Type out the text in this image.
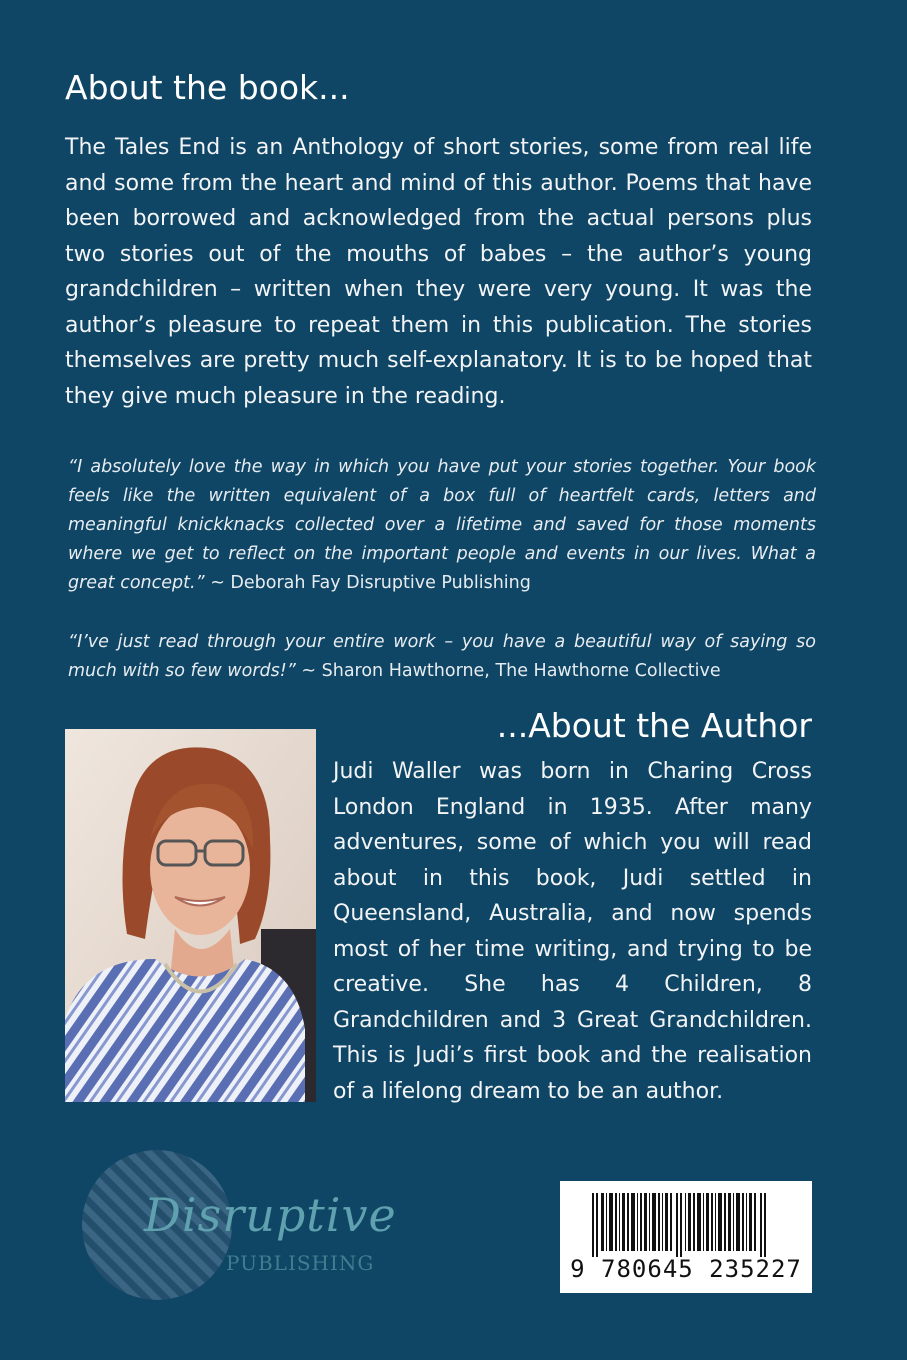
About the book...
The Tales End is an Anthology of short stories, some from real life and some from the heart and mind of this author. Poems that have been borrowed and acknowledged from the actual persons plus two stories out of the mouths of babes – the author’s young grandchildren – written when they were very young. It was the author’s pleasure to repeat them in this publication. The stories themselves are pretty much self-explanatory. It is to be hoped that they give much pleasure in the reading.
“I absolutely love the way in which you have put your stories together. Your book feels like the written equivalent of a box full of heartfelt cards, letters and meaningful knickknacks collected over a lifetime and saved for those moments where we get to reflect on the important people and events in our lives. What a great concept.” ~ Deborah Fay Disruptive Publishing
“I’ve just read through your entire work – you have a beautiful way of saying so much with so few words!” ~ Sharon Hawthorne, The Hawthorne Collective
...About the Author
Judi Waller was born in Charing Cross London England in 1935. After many adventures, some of which you will read about in this book, Judi settled in Queensland, Australia, and now spends most of her time writing, and trying to be creative. She has 4 Children, 8 Grandchildren and 3 Great Grandchildren. This is Judi’s first book and the realisation of a lifelong dream to be an author.
Disruptive
PUBLISHING	9 780645 235227
